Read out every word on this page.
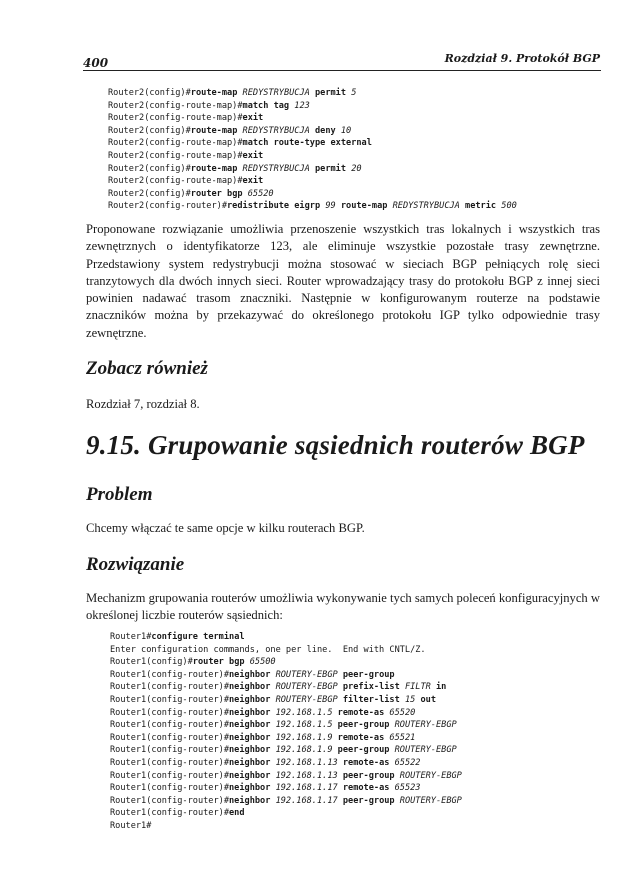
400	Rozdział 9. Protokół BGP
Router2(config)#route-map REDYSTRYBUCJA permit 5
Router2(config-route-map)#match tag 123
Router2(config-route-map)#exit
Router2(config)#route-map REDYSTRYBUCJA deny 10
Router2(config-route-map)#match route-type external
Router2(config-route-map)#exit
Router2(config)#route-map REDYSTRYBUCJA permit 20
Router2(config-route-map)#exit
Router2(config)#router bgp 65520
Router2(config-router)#redistribute eigrp 99 route-map REDYSTRYBUCJA metric 500

Proponowane rozwiązanie umożliwia przenoszenie wszystkich tras lokalnych i wszystkich tras zewnętrznych o identyfikatorze 123, ale eliminuje wszystkie pozostałe trasy zewnętrzne. Przedstawiony system redystrybucji można stosować w sieciach BGP pełniących rolę sieci tranzytowych dla dwóch innych sieci. Router wprowadzający trasy do protokołu BGP z innej sieci powinien nadawać trasom znaczniki. Następnie w konfigurowanym routerze na podstawie znaczników można by przekazywać do określonego protokołu IGP tylko odpowiednie trasy zewnętrzne.

Zobacz również

Rozdział 7, rozdział 8.

9.15. Grupowanie sąsiednich routerów BGP
Problem

Chcemy włączać te same opcje w kilku routerach BGP.

Rozwiązanie

Mechanizm grupowania routerów umożliwia wykonywanie tych samych poleceń konfiguracyjnych w określonej liczbie routerów sąsiednich:

Router1#configure terminal
Enter configuration commands, one per line.  End with CNTL/Z.
Router1(config)#router bgp 65500
Router1(config-router)#neighbor ROUTERY-EBGP peer-group
Router1(config-router)#neighbor ROUTERY-EBGP prefix-list FILTR in
Router1(config-router)#neighbor ROUTERY-EBGP filter-list 15 out
Router1(config-router)#neighbor 192.168.1.5 remote-as 65520
Router1(config-router)#neighbor 192.168.1.5 peer-group ROUTERY-EBGP
Router1(config-router)#neighbor 192.168.1.9 remote-as 65521
Router1(config-router)#neighbor 192.168.1.9 peer-group ROUTERY-EBGP
Router1(config-router)#neighbor 192.168.1.13 remote-as 65522
Router1(config-router)#neighbor 192.168.1.13 peer-group ROUTERY-EBGP
Router1(config-router)#neighbor 192.168.1.17 remote-as 65523
Router1(config-router)#neighbor 192.168.1.17 peer-group ROUTERY-EBGP
Router1(config-router)#end
Router1#
